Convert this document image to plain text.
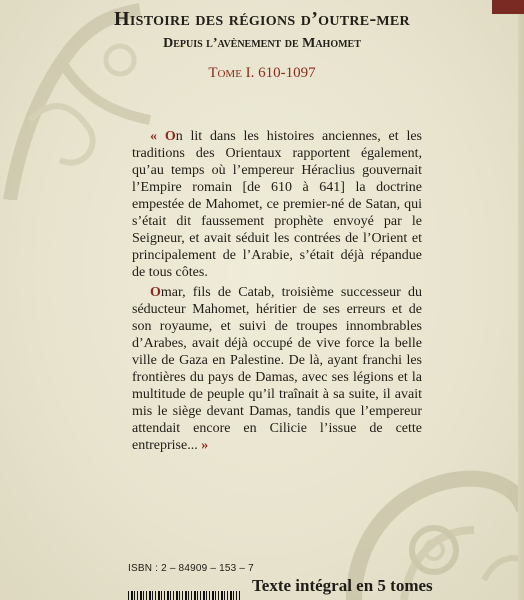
Histoire des régions d’outre-mer
Depuis l’avènement de Mahomet
Tome I. 610-1097

« On lit dans les histoires anciennes, et les traditions des Orientaux rapportent également, qu’au temps où l’empereur Héraclius gouvernait l’Empire romain [de 610 à 641] la doctrine empestée de Mahomet, ce premier-né de Satan, qui s’était dit faussement prophète envoyé par le Seigneur, et avait séduit les contrées de l’Orient et principalement de l’Arabie, s’était déjà répandue de tous côtes.

Omar, fils de Catab, troisième successeur du séducteur Mahomet, héritier de ses erreurs et de son royaume, et suivi de troupes innombrables d’Arabes, avait déjà occupé de vive force la belle ville de Gaza en Palestine. De là, ayant franchi les frontières du pays de Damas, avec ses légions et la multitude de peuple qu’il traînait à sa suite, il avait mis le siège devant Damas, tandis que l’empereur attendait encore en Cilicie l’issue de cette entreprise... »

ISBN : 2 – 84909 – 153 – 7
Texte intégral en 5 tomes
